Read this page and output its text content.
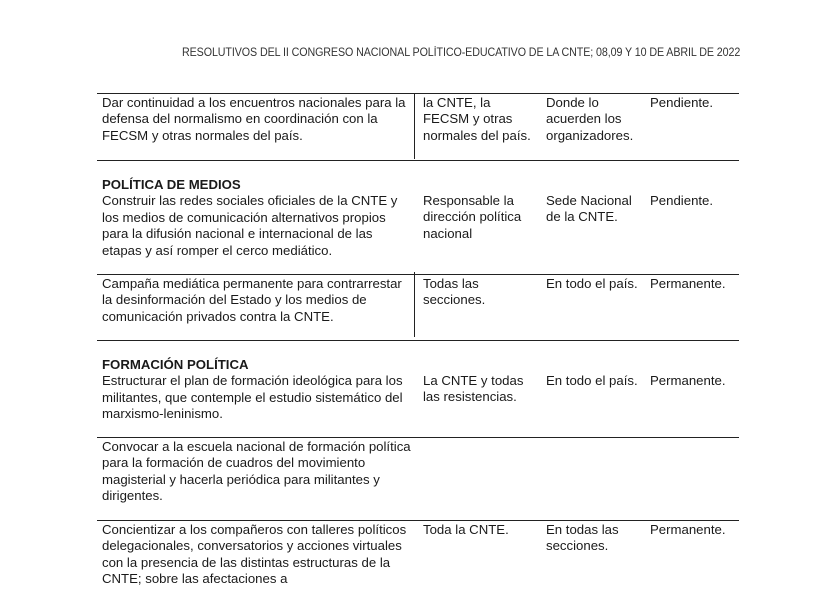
RESOLUTIVOS DEL II CONGRESO NACIONAL POLÍTICO-EDUCATIVO DE LA CNTE; 08,09 Y 10 DE ABRIL DE 2022
Dar continuidad a los encuentros nacionales para la defensa del normalismo en coordinación con la FECSM y otras normales del país.
la CNTE, la FECSM y otras normales del país.
Donde lo acuerden los organizadores.
Pendiente.
POLÍTICA DE MEDIOS
Construir las redes sociales oficiales de la CNTE y los medios de comunicación alternativos propios para la difusión nacional e internacional de las etapas y así romper el cerco mediático.
Responsable la dirección política nacional
Sede Nacional de la CNTE.
Pendiente.
Campaña mediática permanente para contrarrestar la desinformación del Estado y los medios de comunicación privados contra la CNTE.
Todas las secciones.
En todo el país. Permanente.
FORMACIÓN POLÍTICA
Estructurar el plan de formación ideológica para los militantes, que contemple el estudio sistemático del marxismo-leninismo.
La CNTE y todas las resistencias.
En todo el país. Permanente.
Convocar a la escuela nacional de formación política para la formación de cuadros del movimiento magisterial y hacerla periódica para militantes y dirigentes.
Concientizar a los compañeros con talleres políticos delegacionales, conversatorios y acciones virtuales con la presencia de las distintas estructuras de la CNTE; sobre las afectaciones a
Toda la CNTE.	En todas las secciones.
Permanente.
